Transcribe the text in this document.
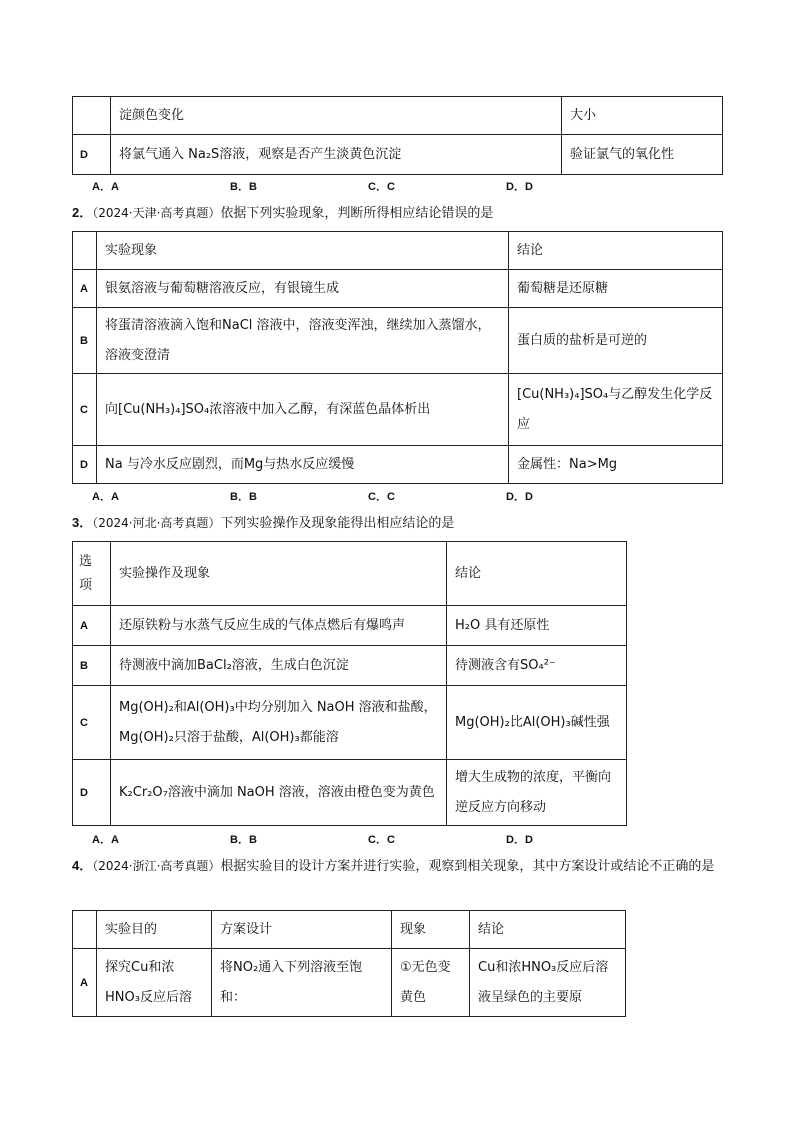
	淀颜色变化	大小
D	将氯气通入 Na₂S溶液，观察是否产生淡黄色沉淀	验证氯气的氧化性
A．A	B．B	C．C	D．D
2．（2024·天津·高考真题）依据下列实验现象，判断所得相应结论错误的是
	实验现象	结论
A	银氨溶液与葡萄糖溶液反应，有银镜生成	葡萄糖是还原糖
B	将蛋清溶液滴入饱和NaCl 溶液中，溶液变浑浊，继续加入蒸馏水，溶液变澄清	蛋白质的盐析是可逆的
C	向[Cu(NH₃)₄]SO₄浓溶液中加入乙醇，有深蓝色晶体析出	[Cu(NH₃)₄]SO₄与乙醇发生化学反应
D	Na 与冷水反应剧烈，而Mg与热水反应缓慢	金属性：Na>Mg
A．A	B．B	C．C	D．D
3．（2024·河北·高考真题）下列实验操作及现象能得出相应结论的是
选项	实验操作及现象	结论
A	还原铁粉与水蒸气反应生成的气体点燃后有爆鸣声	H₂O 具有还原性
B	待测液中滴加BaCl₂溶液，生成白色沉淀	待测液含有SO₄²⁻
C	Mg(OH)₂和Al(OH)₃中均分别加入 NaOH 溶液和盐酸，Mg(OH)₂只溶于盐酸，Al(OH)₃都能溶	Mg(OH)₂比Al(OH)₃碱性强
D	K₂Cr₂O₇溶液中滴加 NaOH 溶液，溶液由橙色变为黄色	增大生成物的浓度，平衡向逆反应方向移动
A．A	B．B	C．C	D．D
4．（2024·浙江·高考真题）根据实验目的设计方案并进行实验，观察到相关现象，其中方案设计或结论不正确的是
	实验目的	方案设计	现象	结论
A	探究Cu和浓HNO₃反应后溶	将NO₂通入下列溶液至饱和：	①无色变黄色	Cu和浓HNO₃反应后溶液呈绿色的主要原
